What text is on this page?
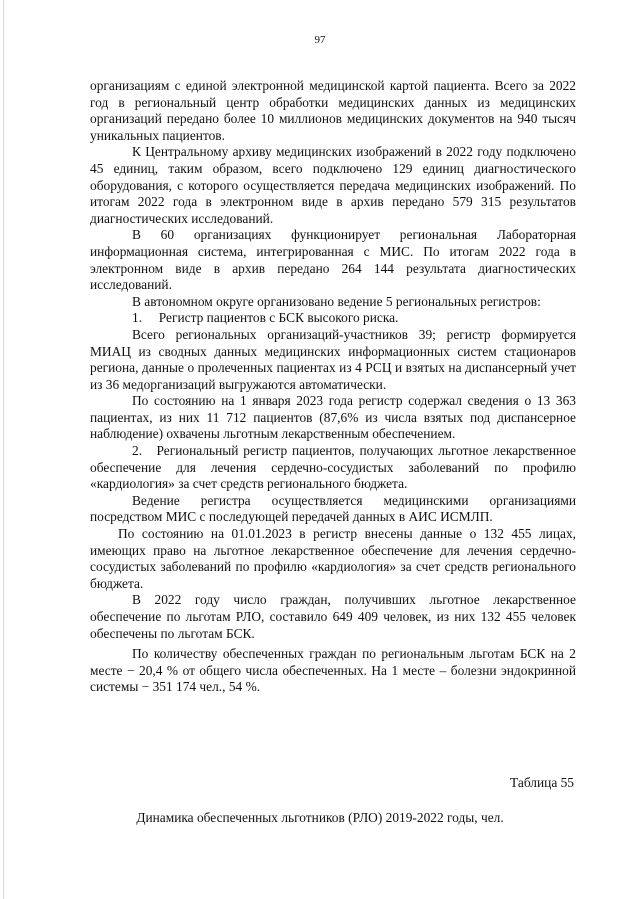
97

организациям с единой электронной медицинской картой пациента. Всего за 2022 год в региональный центр обработки медицинских данных из медицинских организаций передано более 10 миллионов медицинских документов на 940 тысяч уникальных пациентов.

К Центральному архиву медицинских изображений в 2022 году подключено 45 единиц, таким образом, всего подключено 129 единиц диагностического оборудования, с которого осуществляется передача медицинских изображений. По итогам 2022 года в электронном виде в архив передано 579 315 результатов диагностических исследований.

В 60 организациях функционирует региональная Лабораторная информационная система, интегрированная с МИС. По итогам 2022 года в электронном виде в архив передано 264 144 результата диагностических исследований.

В автономном округе организовано ведение 5 региональных регистров:

1.     Регистр пациентов с БСК высокого риска.

Всего региональных организаций-участников 39; регистр формируется МИАЦ из сводных данных медицинских информационных систем стационаров региона, данные о пролеченных пациентах из 4 РСЦ и взятых на диспансерный учет из 36 медорганизаций выгружаются автоматически.

По состоянию на 1 января 2023 года регистр содержал сведения о 13 363 пациентах, из них 11 712 пациентов (87,6% из числа взятых под диспансерное наблюдение) охвачены льготным лекарственным обеспечением.

2.   Региональный регистр пациентов, получающих льготное лекарственное обеспечение для лечения сердечно-сосудистых заболеваний по профилю «кардиология» за счет средств регионального бюджета.

Ведение регистра осуществляется медицинскими организациями посредством МИС с последующей передачей данных в АИС ИСМЛП.

По состоянию на 01.01.2023 в регистр внесены данные о 132 455 лицах, имеющих право на льготное лекарственное обеспечение для лечения сердечно-сосудистых заболеваний по профилю «кардиология» за счет средств регионального бюджета.

В 2022 году число граждан, получивших льготное лекарственное обеспечение по льготам РЛО, составило 649 409 человек, из них 132 455 человек обеспечены по льготам БСК.

По количеству обеспеченных граждан по региональным льготам БСК на 2 месте − 20,4 % от общего числа обеспеченных. На 1 месте – болезни эндокринной системы − 351 174 чел., 54 %.

Таблица 55
Динамика обеспеченных льготников (РЛО) 2019-2022 годы, чел.
